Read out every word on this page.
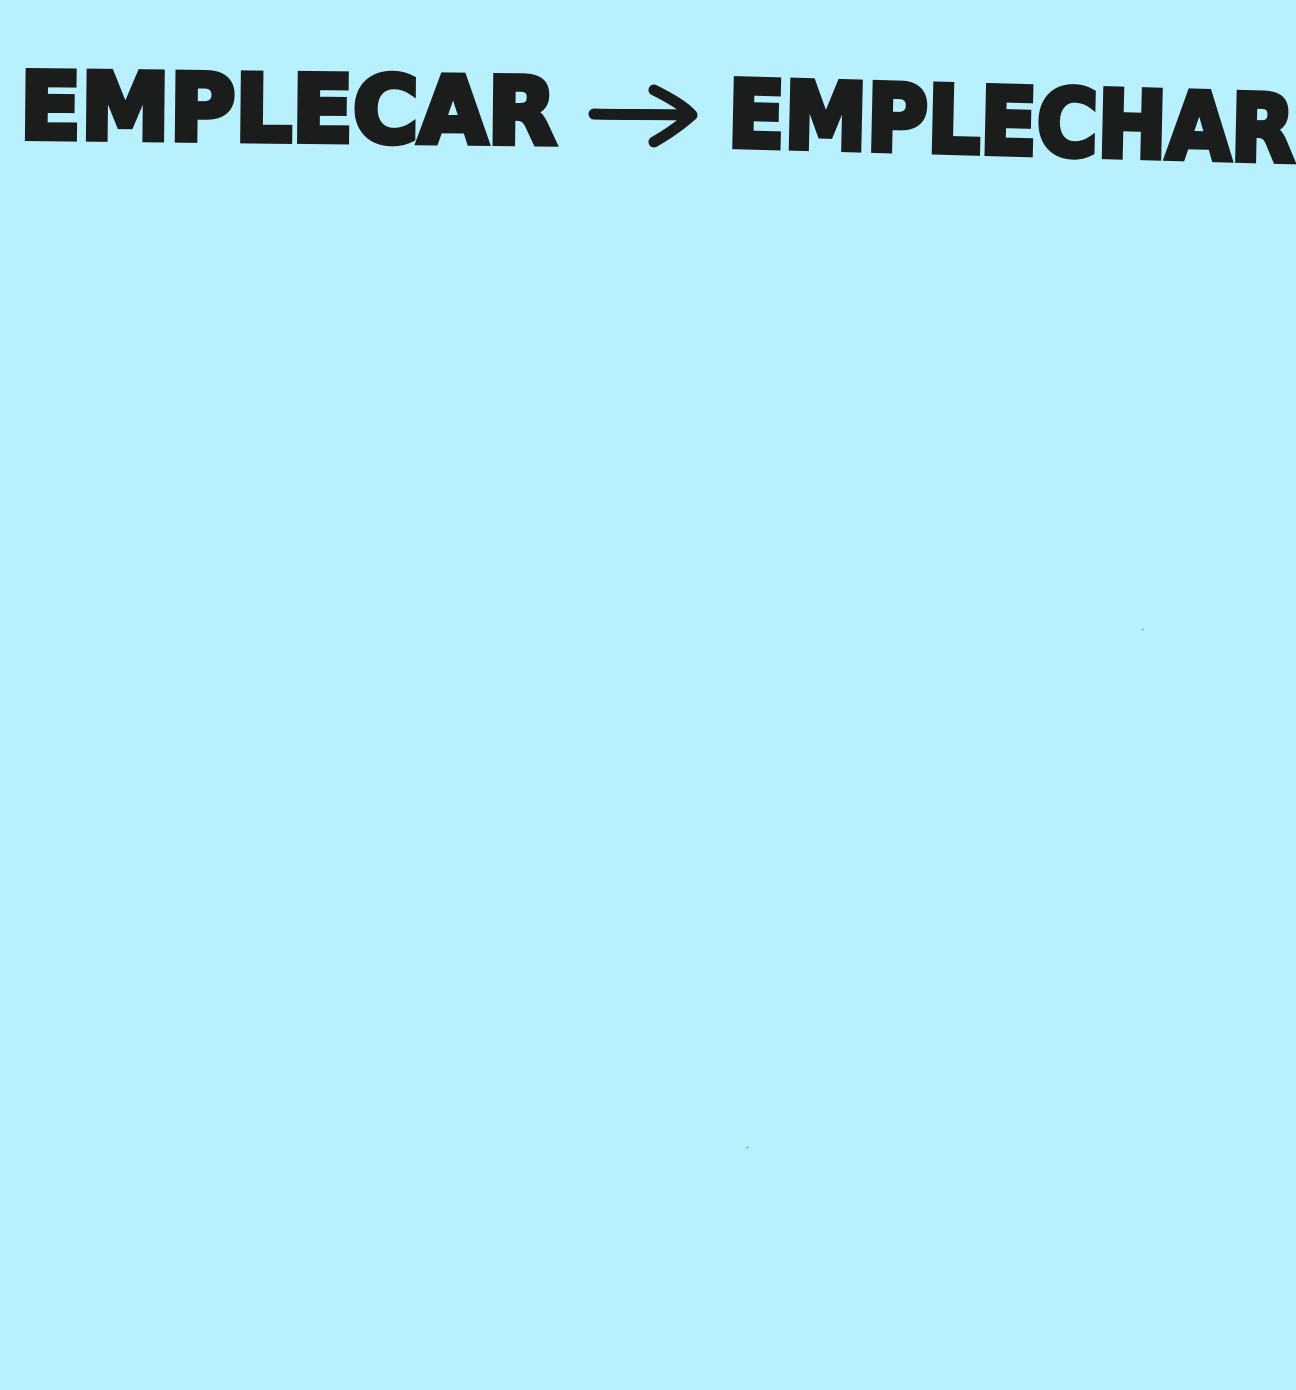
EMPLECAR EMPLECHAR
